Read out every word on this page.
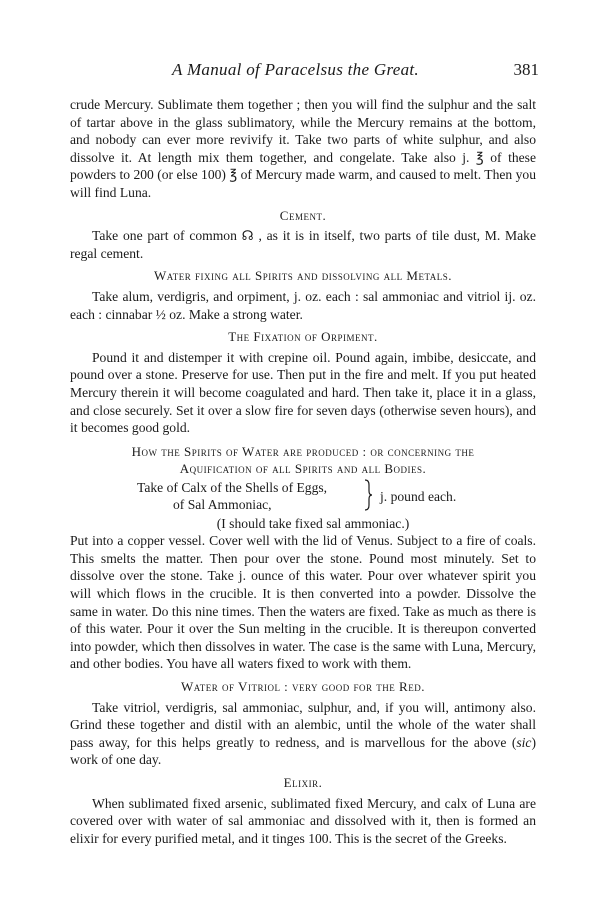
A Manual of Paracelsus the Great.	381

crude Mercury. Sublimate them together ; then you will find the sulphur and the salt of tartar above in the glass sublimatory, while the Mercury remains at the bottom, and nobody can ever more revivify it. Take two parts of white sulphur, and also dissolve it. At length mix them together, and congelate. Take also j. ℥ of these powders to 200 (or else 100) ℥ of Mercury made warm, and caused to melt. Then you will find Luna.

Cement.

Take one part of common ☊ , as it is in itself, two parts of tile dust, M. Make regal cement.

Water fixing all Spirits and dissolving all Metals.

Take alum, verdigris, and orpiment, j. oz. each : sal ammoniac and vitriol ij. oz. each : cinnabar ½ oz. Make a strong water.

The Fixation of Orpiment.

Pound it and distemper it with crepine oil. Pound again, imbibe, desiccate, and pound over a stone. Preserve for use. Then put in the fire and melt. If you put heated Mercury therein it will become coagulated and hard. Then take it, place it in a glass, and close securely. Set it over a slow fire for seven days (otherwise seven hours), and it becomes good gold.

How the Spirits of Water are produced : or concerning the
Aquification of all Spirits and all Bodies.
Take of Calx of the Shells of Eggs,
of Sal Ammoniac,
j. pound each.
(I should take fixed sal ammoniac.)

Put into a copper vessel. Cover well with the lid of Venus. Subject to a fire of coals. This smelts the matter. Then pour over the stone. Pound most minutely. Set to dissolve over the stone. Take j. ounce of this water. Pour over whatever spirit you will which flows in the crucible. It is then converted into a powder. Dissolve the same in water. Do this nine times. Then the waters are fixed. Take as much as there is of this water. Pour it over the Sun melting in the crucible. It is thereupon converted into powder, which then dissolves in water. The case is the same with Luna, Mercury, and other bodies. You have all waters fixed to work with them.

Water of Vitriol : very good for the Red.

Take vitriol, verdigris, sal ammoniac, sulphur, and, if you will, antimony also. Grind these together and distil with an alembic, until the whole of the water shall pass away, for this helps greatly to redness, and is marvellous for the above (sic) work of one day.

Elixir.

When sublimated fixed arsenic, sublimated fixed Mercury, and calx of Luna are covered over with water of sal ammoniac and dissolved with it, then is formed an elixir for every purified metal, and it tinges 100. This is the secret of the Greeks.
